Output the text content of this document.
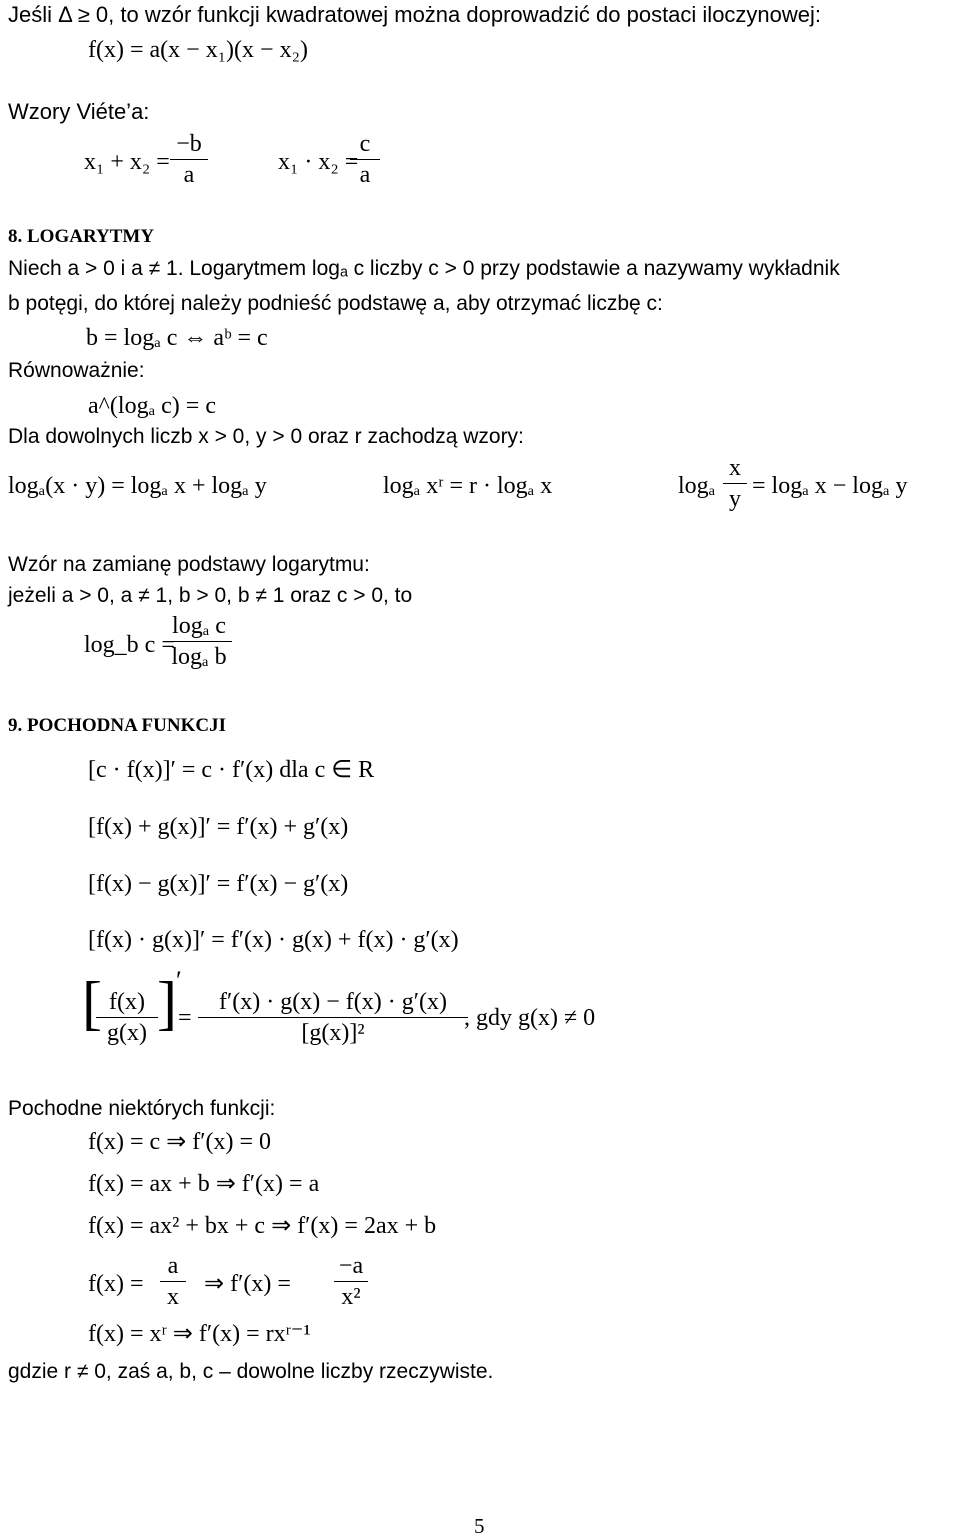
Jeśli Δ ≥ 0, to wzór funkcji kwadratowej można doprowadzić do postaci iloczynowej:
f(x) = a(x − x₁)(x − x₂)
Wzory Viéte’a:
x₁ + x₂ =
−b
a	x₁ · x₂ =
c
a
8. LOGARYTMY
Niech a > 0 i a ≠ 1. Logarytmem logₐ c liczby c > 0 przy podstawie a nazywamy wykładnik
b potęgi, do której należy podnieść podstawę a, aby otrzymać liczbę c:
b = logₐ c ⇔ aᵇ = c
Równoważnie:
a^(logₐ c) = c
Dla dowolnych liczb x > 0, y > 0 oraz r zachodzą wzory:
logₐ(x · y) = logₐ x + logₐ y	logₐ xʳ = r · logₐ x	logₐ
x
y = logₐ x − logₐ y
Wzór na zamianę podstawy logarytmu:
jeżeli a > 0, a ≠ 1, b > 0, b ≠ 1 oraz c > 0, to
log_b c =
logₐ c
logₐ b
9. POCHODNA FUNKCJI
[c · f(x)]′ = c · f′(x) dla c ∈ R
[f(x) + g(x)]′ = f′(x) + g′(x)
[f(x) − g(x)]′ = f′(x) − g′(x)
[f(x) · g(x)]′ = f′(x) · g(x) + f(x) · g′(x)
[ f(x)
g(x) ] ′
=
f′(x) · g(x) − f(x) · g′(x)
[g(x)]²
, gdy g(x) ≠ 0
Pochodne niektórych funkcji:
f(x) = c ⇒ f′(x) = 0
f(x) = ax + b ⇒ f′(x) = a
f(x) = ax² + bx + c ⇒ f′(x) = 2ax + b
f(x) =
a
x ⇒ f′(x) =
−a
x²
f(x) = xʳ ⇒ f′(x) = rxʳ⁻¹
gdzie r ≠ 0, zaś a, b, c – dowolne liczby rzeczywiste.
5
